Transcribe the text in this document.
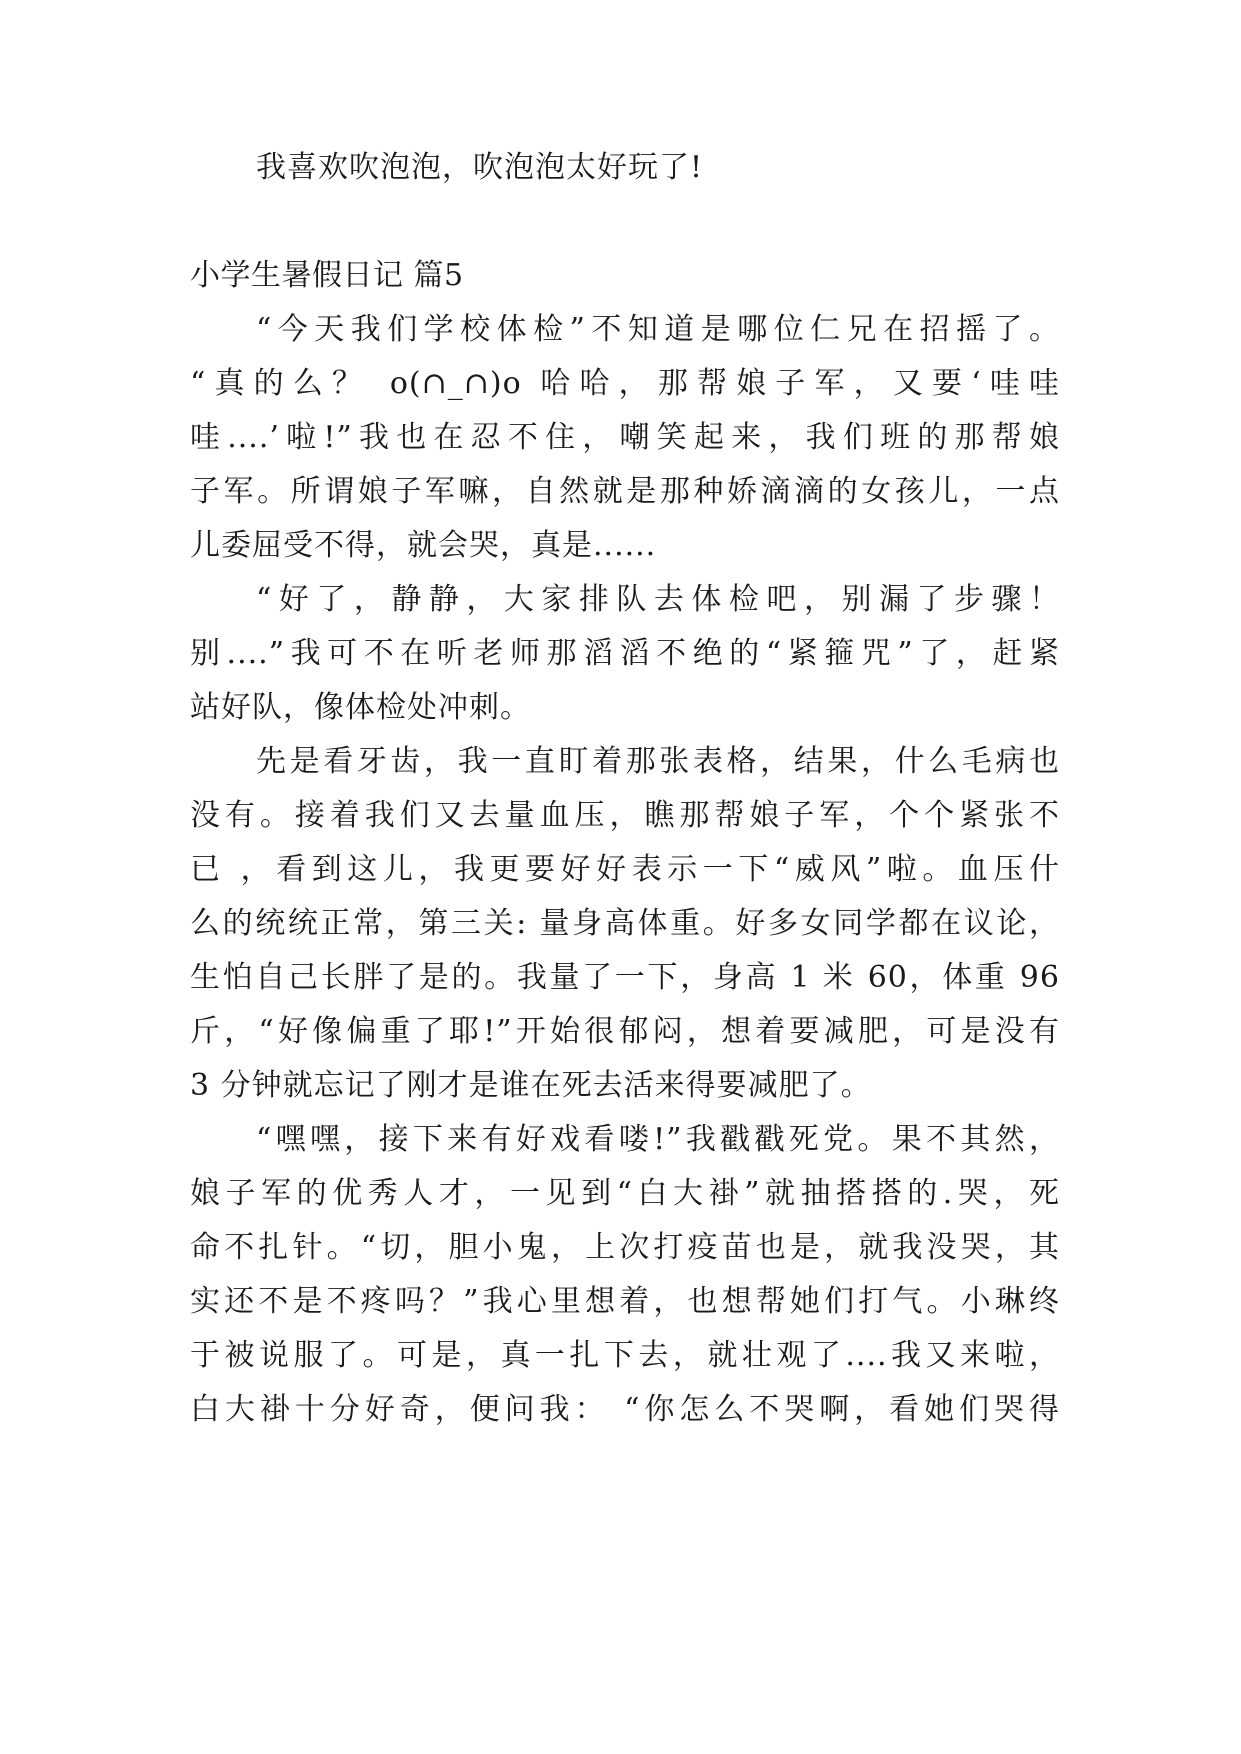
我喜欢吹泡泡，吹泡泡太好玩了!
小学生暑假日记 篇5
“今天我们学校体检”不知道是哪位仁兄在招摇了。
“真的么？ o(∩_∩)o 哈哈，那帮娘子军，又要‘哇哇
哇....’啦!”我也在忍不住，嘲笑起来，我们班的那帮娘
子军。所谓娘子军嘛，自然就是那种娇滴滴的女孩儿，一点
儿委屈受不得，就会哭，真是......
“好了，静静，大家排队去体检吧，别漏了步骤！
别....”我可不在听老师那滔滔不绝的“紧箍咒”了，赶紧
站好队，像体检处冲刺。
先是看牙齿，我一直盯着那张表格，结果，什么毛病也
没有。接着我们又去量血压，瞧那帮娘子军，个个紧张不
已 ，看到这儿，我更要好好表示一下“威风”啦。血压什
么的统统正常，第三关: 量身高体重。好多女同学都在议论，
生怕自己长胖了是的。我量了一下，身高 1 米 60，体重 96
斤，“好像偏重了耶!”开始很郁闷，想着要减肥，可是没有
3 分钟就忘记了刚才是谁在死去活来得要减肥了。
“嘿嘿，接下来有好戏看喽!”我戳戳死党。果不其然，
娘子军的优秀人才，一见到“白大褂”就抽搭搭的.哭，死
命不扎针。“切，胆小鬼，上次打疫苗也是，就我没哭，其
实还不是不疼吗？”我心里想着，也想帮她们打气。小琳终
于被说服了。可是，真一扎下去，就壮观了....我又来啦，
白大褂十分好奇，便问我： “你怎么不哭啊，看她们哭得
